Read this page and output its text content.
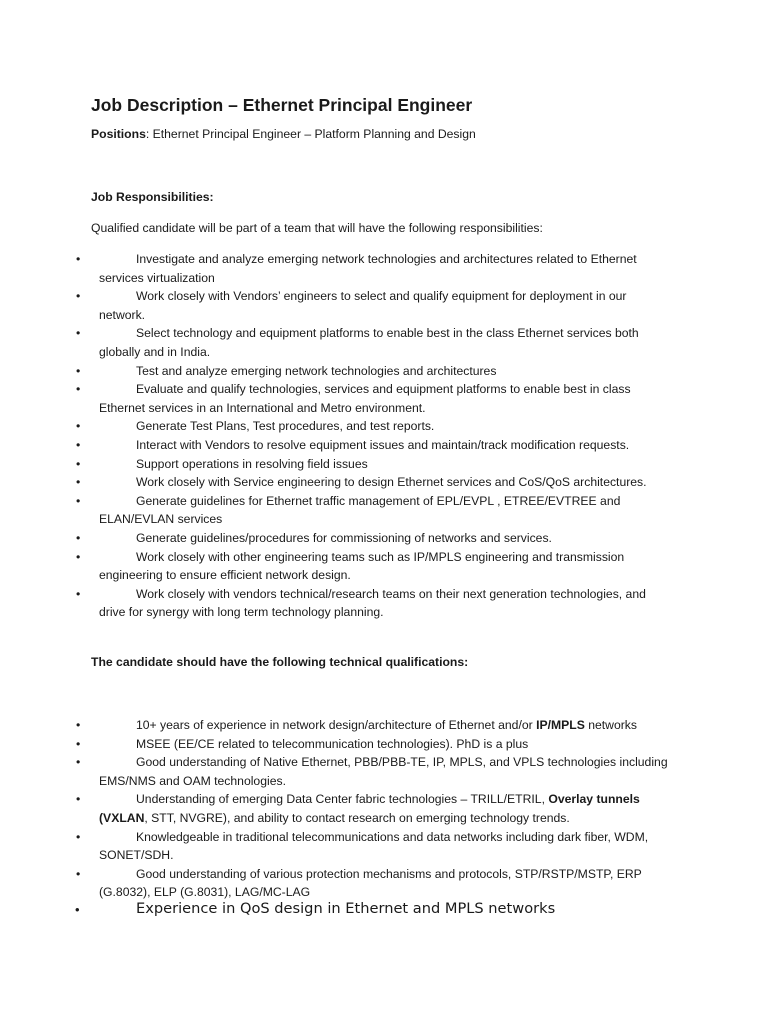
Job Description – Ethernet Principal Engineer
Positions: Ethernet Principal Engineer – Platform Planning and Design
Job Responsibilities:
Qualified candidate will be part of a team that will have the following responsibilities:
•	Investigate and analyze emerging network technologies and architectures related to Ethernet services virtualization
•	Work closely with Vendors’ engineers to select and qualify equipment for deployment in our network.
•	Select technology and equipment platforms to enable best in the class Ethernet services both globally and in India.
•	Test and analyze emerging network technologies and architectures
•	Evaluate and qualify technologies, services and equipment platforms to enable best in class Ethernet services in an International and Metro environment.
•	Generate Test Plans, Test procedures, and test reports.
•	Interact with Vendors to resolve equipment issues and maintain/track modification requests.
•	Support operations in resolving field issues
•	Work closely with Service engineering to design Ethernet services and CoS/QoS architectures.
•	Generate guidelines for Ethernet traffic management of EPL/EVPL , ETREE/EVTREE and ELAN/EVLAN services
•	Generate guidelines/procedures for commissioning of networks and services.
•	Work closely with other engineering teams such as IP/MPLS engineering and transmission engineering to ensure efficient network design.
•	Work closely with vendors technical/research teams on their next generation technologies, and drive for synergy with long term technology planning.
The candidate should have the following technical qualifications:
•	10+ years of experience in network design/architecture of Ethernet and/or IP/MPLS networks
•	MSEE (EE/CE related to telecommunication technologies). PhD is a plus
•	Good understanding of Native Ethernet, PBB/PBB-TE, IP, MPLS, and VPLS technologies including EMS/NMS and OAM technologies.
•	Understanding of emerging Data Center fabric technologies – TRILL/ETRIL, Overlay tunnels (VXLAN, STT, NVGRE), and ability to contact research on emerging technology trends.
•	Knowledgeable in traditional telecommunications and data networks including dark fiber, WDM, SONET/SDH.
•	Good understanding of various protection mechanisms and protocols, STP/RSTP/MSTP, ERP (G.8032), ELP (G.8031), LAG/MC-LAG
•	Experience in QoS design in Ethernet and MPLS networks
